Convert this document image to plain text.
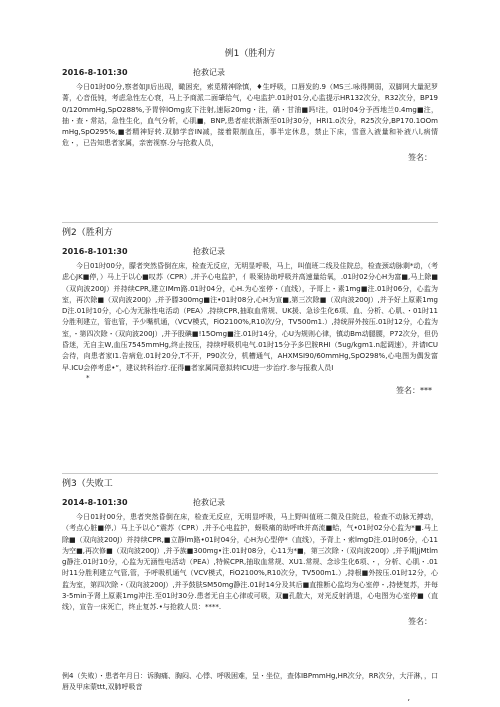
例1（胜利方
2016-8-101:30	抢救记录

今日01时00分,察者如JI后出现，瞰困充，索觅精神除慎，♦生呼吸，口唇发的.9（MS三.咏得鬨弱，双脚网大量泥罗菁，心音低钝，考虑急性左心衰，马上予商派二面肇给气，心电监护.01时01分,心监提示HR132次分，R32次分，BP190/120mmHg,SpO288%,予胃锌lOmg皮下注射,速际20mg・注，硝・甘油■吗!注，01时04分予西地兰0.4mg■注，抽・查・常站，急性生化，血气分析，心肌■，BNP,患者症状渐渐至01时30分，HRI1.o次分，R25次分,BP170.1OOmmHg,SpO295%,■者精神好转.双肺学音IN减，接着限制血压，事半定休息，禁止下床，雪意入液量和补液八l,病情危・，已告知患者家属，亲密视察.分与抢救人员，

签名：

例2（胜利方

2016-8-101:30	抢救记录

今日01时00分，朦者突然昏倒在床，检查无反应，无明显呼吸，马上，叫值班二线及住院总，检查颈动脉剩*动，（考虑心JK■停，）马上于以心■叹苏（CPR）,并予心电监护，亻吸案协助呼吸并高速量给氧，.01时02分心H为富■,马上除■（双向波200J）并持续CPR,建立IMm路.01时04分，心H.为心室停・（直线），予哥上・素1mg■注.01时06分，心监为室，再次除■（双向波200J）,并予滕300mg■注•01时08分,心H为宣■,第三次除■（双向波200J）,并予好上原素1mgD注.01时10分，心心为无脉性电活动（PEA）,持续CPR,抽取血常规、UK援、急诊生化6项、血、分析、心肌、・01时11分胜利建立，管也管，予少嘴机通，（VCV模式，FiO2100%,R10次/分，TV500m1.）,持统屏外按压.01时12分，心监为室，・第四次除・（双向波200J）,并予股碘■!15Omg■注.01时14分，心U为规则心律，镇动Bm动腿腰，P72次分，但仍昏迷，无自主W,血压7545mmHg,终止按压，持续呼吸机电气.01时15分予多巴胺RHI（5ug/kgm1.n起调速），并请ICU会待，向患者家I1.告病危.01时20分,T不开，P90次分，机槽通气，AHXMSI90/60mmHg,SpO298%,心电图为偶发富早.ICU会停考虑•“，建议转科治疗.征得■者家属同意拟转ICU进一步治疗.参与报救人员I

*
签名：***

例3（失败工

2014-8-101:30	抢救记录

今日01时00分，患者突然昏倒在床，检查无反应，无明显呼吸，马上野叫值班二微及住院总，检查不动脉无搏动，（考点心脏■停,）马上予以心”震苏（CPR）,并予心电监护，蚜吸痛的助呼Ift并高流■蛤，气•01时02分心监为*■.马上除■（双向波200J）并持续CPR,■立静lm路•01时04分，心H为心型停*（直线），予背上・索lmgD注.01时06分，心11为空■,再次修■（双向波200J）,并予族■300mg•注.01时08分，心11为*■，第三次除・（双向波200J）,并予期JjMtlmg静注.01时10分，心监为无涵性电活动（PEA）,特候CPR,抽取血常规、XU1.常规、念诊生化6项、・，分析、心肌・.01时11分胜利建立气管,管，予呼吸机通气（VCV模式，FiO2100%,R10次分，TV500m1.）,持根■外按压.01时12分，心监为室，第四次除・（双向波200J）,并予鼓肤SM50mg静注.01时14分及其后■直推断心监均为心室停・,持使复苏，并每3-5min予肾上原素1mg冲注.至01时30分.患者无自主心律或可吸，双■孔散大，对光反射消退，心电图为心室停■（直线），宣告一床死亡，终止复苏.•与抢救人员：****.

签名：

例4（失败）・患者年月日：诉胸痛、胸闷、心悸、呼吸困难，呈・坐位，查体IBPmmHg,HR次分，RR次分，大汗淋，，口唇及甲床蒙ttt,双肺呼吸音

,
